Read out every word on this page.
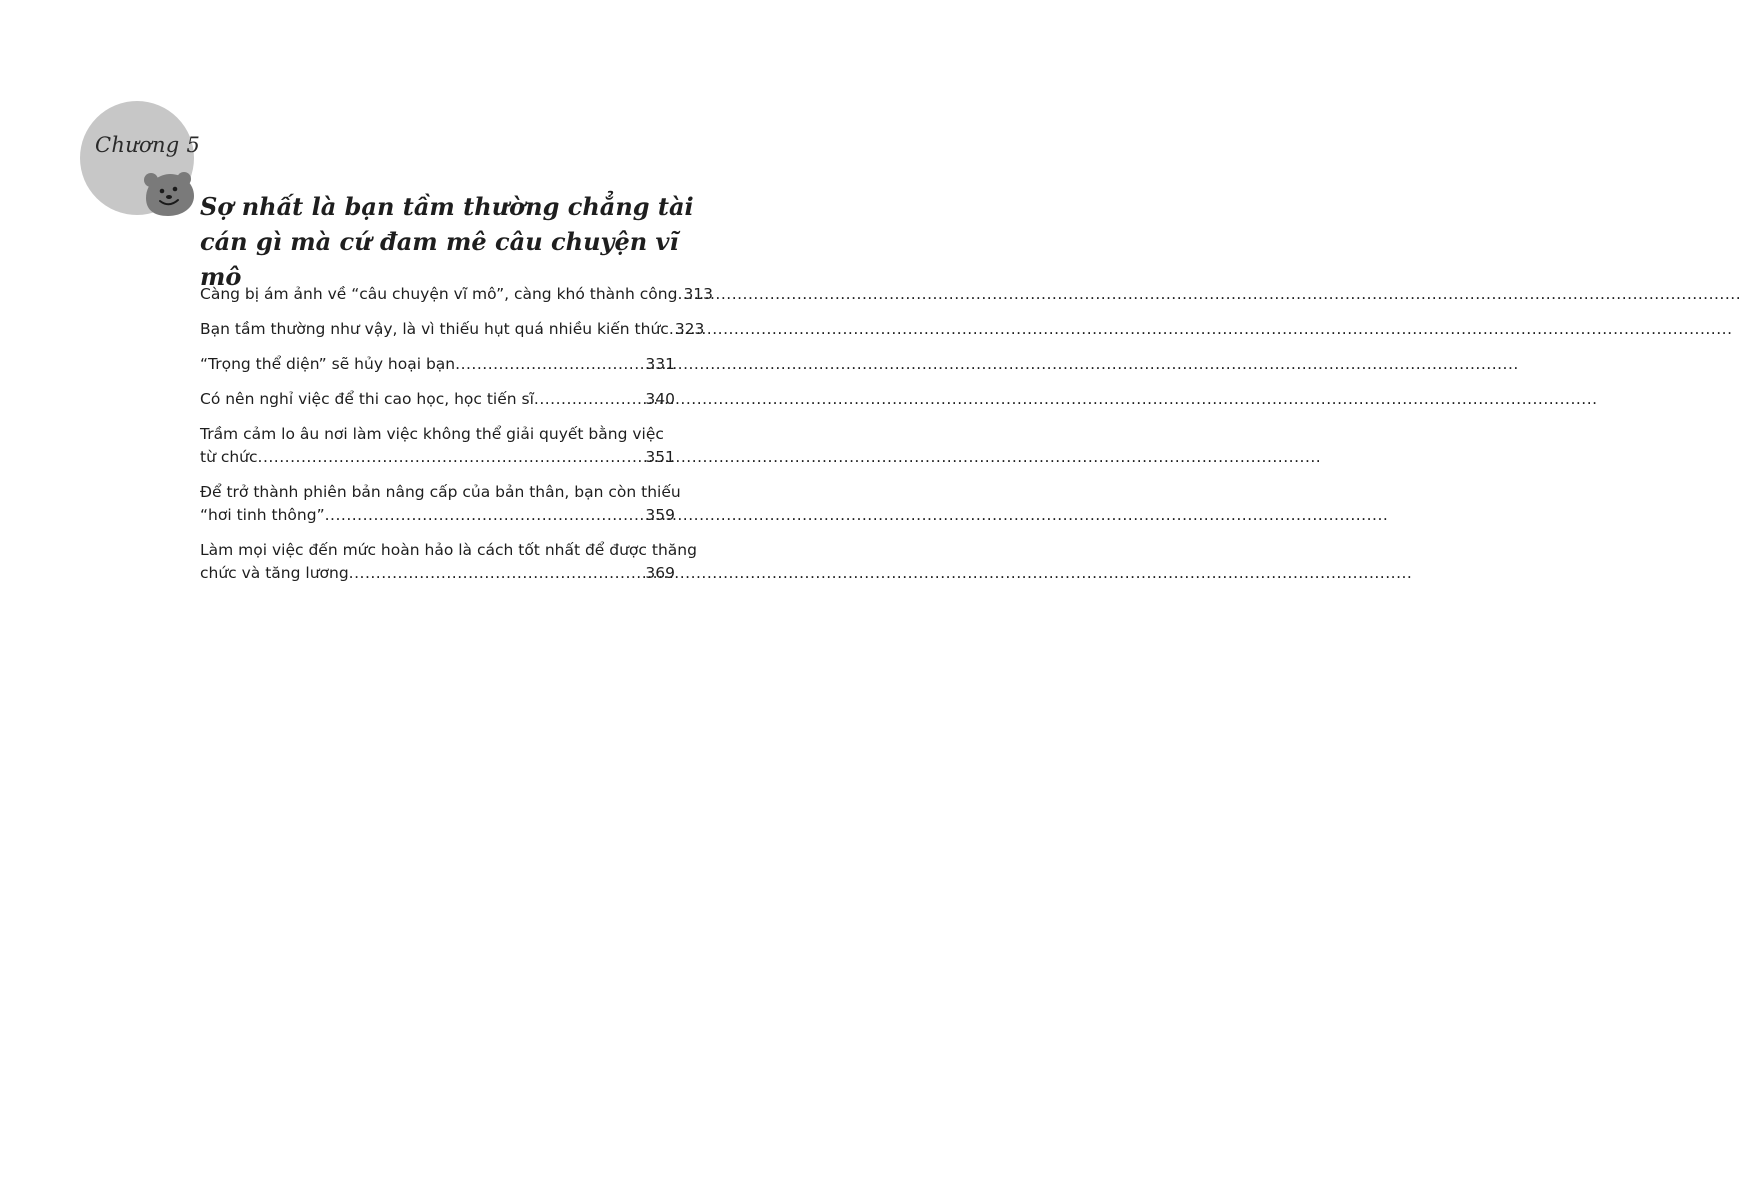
Chương 5
Sợ nhất là bạn tầm thường chẳng tài cán gì mà cứ đam mê câu chuyện vĩ mô
Càng bị ám ảnh về “câu chuyện vĩ mô”, càng khó thành công ..... 313
Bạn tầm thường như vậy, là vì thiếu hụt quá nhiều kiến thức ..... 323
“Trọng thể diện” sẽ hủy hoại bạn .....	331
Có nên nghỉ việc để thi cao học, học tiến sĩ .....	340
Trầm cảm lo âu nơi làm việc không thể giải quyết bằng việc
từ chức .....	351
Để trở thành phiên bản nâng cấp của bản thân, bạn còn thiếu
“hơi tinh thông” .....	359
Làm mọi việc đến mức hoàn hảo là cách tốt nhất để được thăng
chức và tăng lương .....	369
